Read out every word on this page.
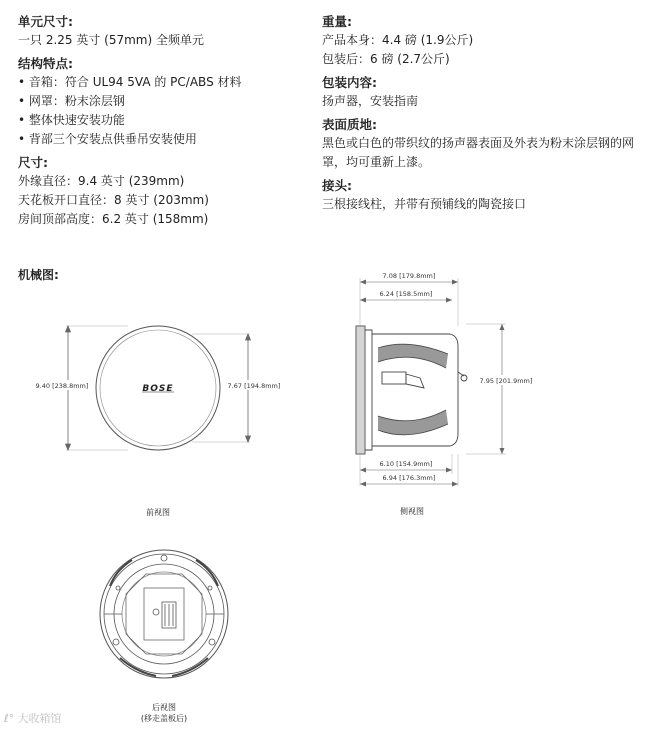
单元尺寸:

一只 2.25 英寸 (57mm) 全频单元

结构特点:

• 音箱：符合 UL94 5VA 的 PC/ABS 材料
• 网罩：粉末涂层钢
• 整体快速安装功能
• 背部三个安装点供垂吊安装使用

尺寸:

外缘直径：9.4 英寸 (239mm)
天花板开口直径：8 英寸 (203mm)
房间顶部高度：6.2 英寸 (158mm)

重量:

产品本身：4.4 磅 (1.9公斤)
包装后：6 磅 (2.7公斤)

包装内容:

扬声器，安装指南

表面质地:

黑色或白色的带织纹的扬声器表面及外表为粉末涂层钢的网罩，均可重新上漆。

接头:

三根接线柱，并带有预铺线的陶瓷接口
机械图:
9.40 [238.8mm]	7.67 [194.8mm]
BOSE
前视图
7.08 [179.8mm]
6.24 [158.5mm]
7.95 [201.9mm]
6.10 [154.9mm]
6.94 [176.3mm]
侧视图
后视图
(移走盖板后)
ℓ° 大收箱馆
